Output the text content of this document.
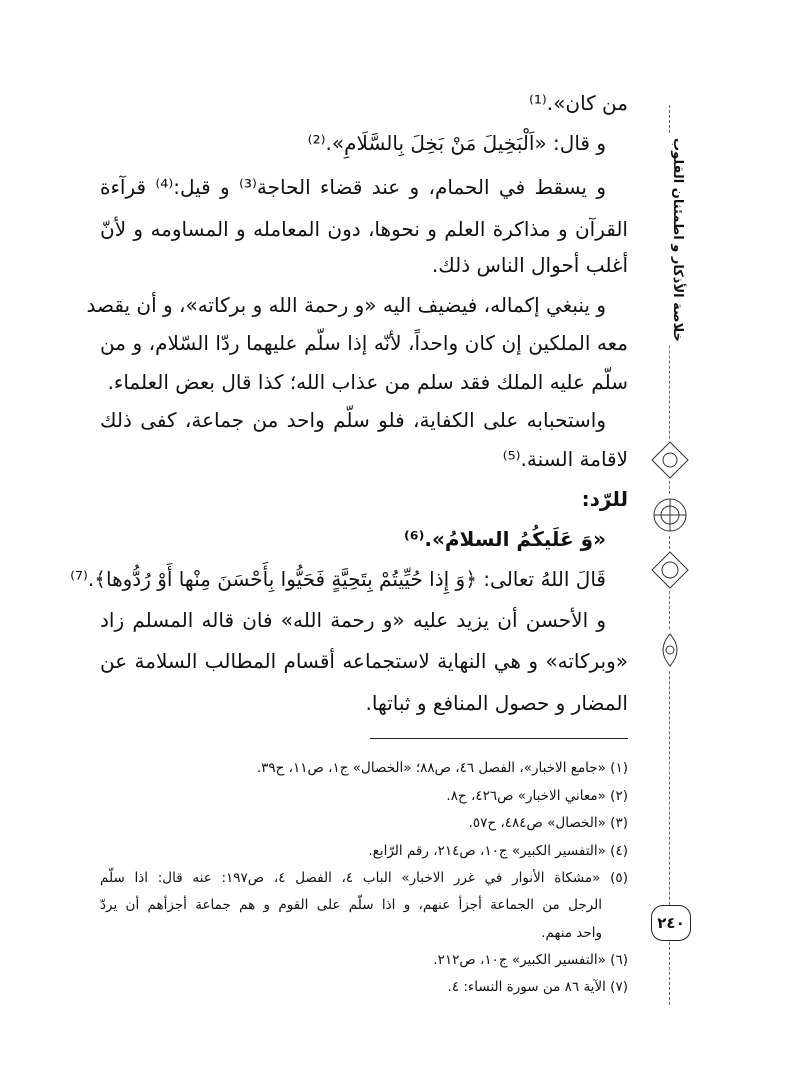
خلاصة الأذكار و اطمئنان القلوب
٢٤٠
من كان».⁽¹⁾
و قال: «اَلْبَخِيلَ مَنْ بَخِلَ بِالسَّلَامِ».⁽²⁾
و يسقط في الحمام، و عند قضاء الحاجة⁽³⁾ و قيل:⁽⁴⁾ قرآءة
القرآن و مذاكرة العلم و نحوها، دون المعامله و المساومه و لأنّ
أغلب أحوال الناس ذلك.
و ينبغي إكماله، فيضيف اليه «و رحمة الله و بركاته»، و أن يقصد
معه الملكين إن كان واحداً، لأنّه إذا سلّم عليهما ردّا السّلام، و من
سلّم عليه الملك فقد سلم من عذاب الله؛ كذا قال بعض العلماء.
واستحبابه على الكفاية، فلو سلّم واحد من جماعة، كفى ذلك
لاقامة السنة.⁽⁵⁾
للرّد:
«وَ عَلَيكُمُ السلامُ».⁽⁶⁾
قَالَ اللهُ تعالى: ﴿وَ إِذا حُيِّيتُمْ بِتَحِيَّةٍ فَحَيُّوا بِأَحْسَنَ مِنْها أَوْ رُدُّوها﴾.⁽⁷⁾
و الأحسن أن يزيد عليه «و رحمة الله» فان قاله المسلم زاد
«وبركاته» و هي النهاية لاستجماعه أقسام المطالب السلامة عن
المضار و حصول المنافع و ثباتها.
(١) «جامع الاخبار»، الفصل ٤٦، ص٨٨؛ «الخصال» ج١، ص١١، ح٣٩.
(٢) «معاني الاخبار» ص٤٢٦، ح٨.
(٣) «الخصال» ص٤٨٤، ح٥٧.
(٤) «التفسير الكبير» ج١٠، ص٢١٤، رقم الرّابع.
(٥) «مشكاة الأنوار في غرر الاخبار» الباب ٤، الفصل ٤، ص١٩٧: عنه قال: اذا سلّم
الرجل من الجماعة أجزأ عنهم، و اذا سلّم على القوم و هم جماعة أجزأهم أن يردّ
واحد منهم.
(٦) «التفسير الكبير» ج١٠، ص٢١٢.
(٧) الآية ٨٦ من سورة النساء: ٤.
